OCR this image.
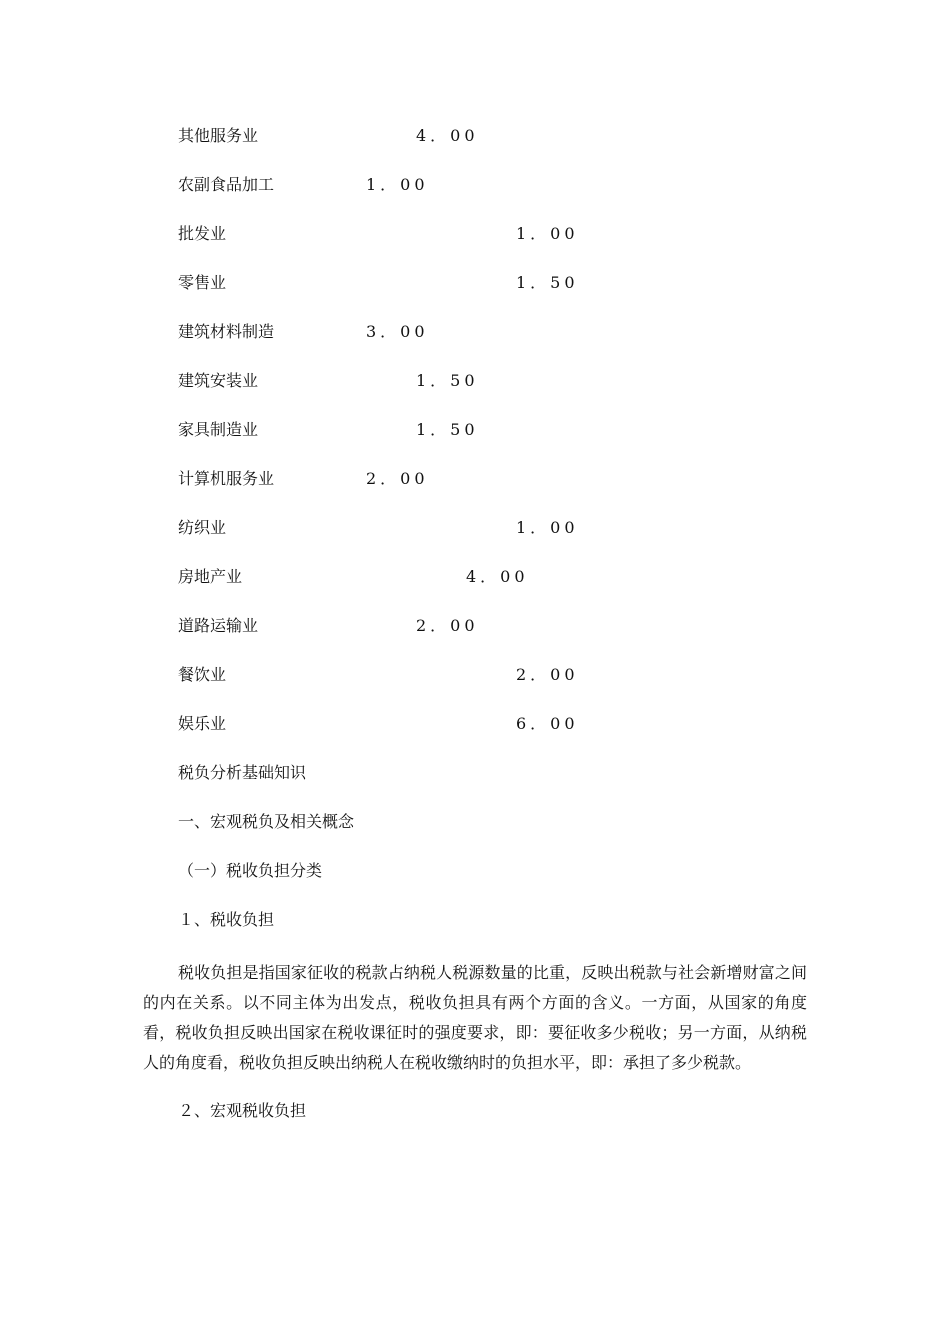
其他服务业	4．00
农副食品加工	1．00
批发业	1．00
零售业	1．50
建筑材料制造	3．00
建筑安装业	1．50
家具制造业	1．50
计算机服务业	2．00
纺织业	1．00
房地产业	4．00
道路运输业	2．00
餐饮业	2．00
娱乐业	6．00
税负分析基础知识
一、宏观税负及相关概念
（一）税收负担分类
１、税收负担

税收负担是指国家征收的税款占纳税人税源数量的比重，反映出税款与社会新增财富之间的内在关系。以不同主体为出发点，税收负担具有两个方面的含义。一方面，从国家的角度看，税收负担反映出国家在税收课征时的强度要求，即：要征收多少税收；另一方面，从纳税人的角度看，税收负担反映出纳税人在税收缴纳时的负担水平，即：承担了多少税款。

２、宏观税收负担
